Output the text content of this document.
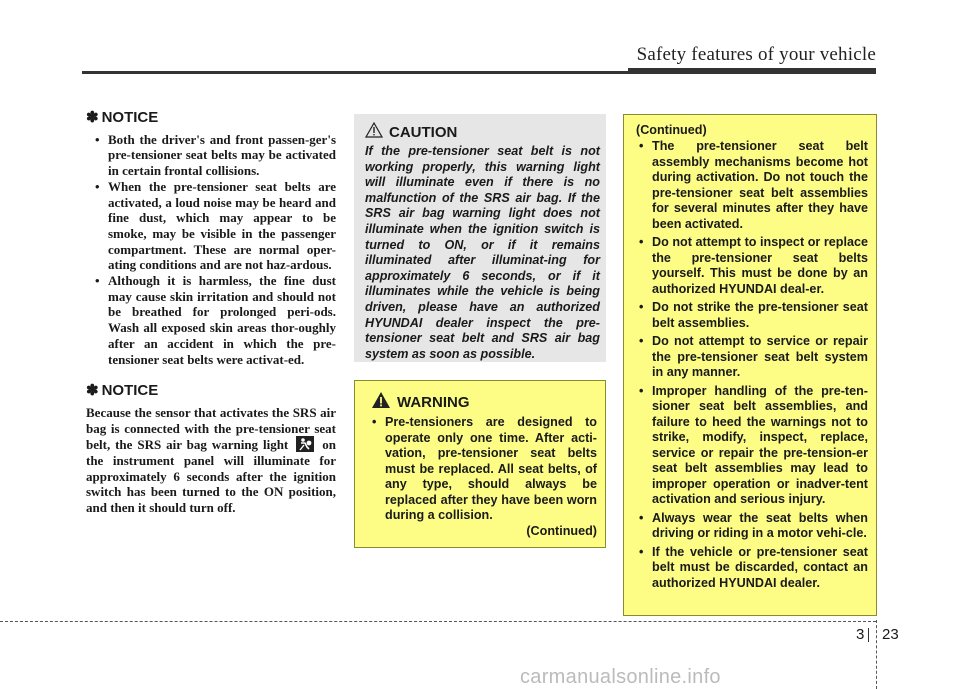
Safety features of your vehicle
✽ NOTICE
• Both the driver's and front passen-ger's pre-tensioner seat belts may be activated in certain frontal collisions.
• When the pre-tensioner seat belts are activated, a loud noise may be heard and fine dust, which may appear to be smoke, may be visible in the passenger compartment. These are normal oper-ating conditions and are not haz-ardous.
• Although it is harmless, the fine dust may cause skin irritation and should not be breathed for prolonged peri-ods. Wash all exposed skin areas thor-oughly after an accident in which the pre-tensioner seat belts were activat-ed.
✽ NOTICE
Because the sensor that activates the SRS air bag is connected with the pre-tensioner seat belt, the SRS air bag warning light	on the instrument panel will illuminate for approximately 6 seconds after the ignition switch has been turned to the ON position, and then it should turn off.
CAUTION
If the pre-tensioner seat belt is not working properly, this warning light will illuminate even if there is no malfunction of the SRS air bag. If the SRS air bag warning light does not illuminate when the ignition switch is turned to ON, or if it remains illuminated after illuminat-ing for approximately 6 seconds, or if it illuminates while the vehicle is being driven, please have an authorized HYUNDAI dealer inspect the pre-tensioner seat belt and SRS air bag system as soon as possible.
WARNING
• Pre-tensioners are designed to operate only one time. After acti-vation, pre-tensioner seat belts must be replaced. All seat belts, of any type, should always be replaced after they have been worn during a collision.
(Continued)
(Continued)
• The pre-tensioner seat belt assembly mechanisms become hot during activation. Do not touch the pre-tensioner seat belt assemblies for several minutes after they have been activated.
• Do not attempt to inspect or replace the pre-tensioner seat belts yourself. This must be done by an authorized HYUNDAI deal-er.
• Do not strike the pre-tensioner seat belt assemblies.
• Do not attempt to service or repair the pre-tensioner seat belt system in any manner.
• Improper handling of the pre-ten-sioner seat belt assemblies, and failure to heed the warnings not to strike, modify, inspect, replace, service or repair the pre-tension-er seat belt assemblies may lead to improper operation or inadver-tent activation and serious injury.
• Always wear the seat belts when driving or riding in a motor vehi-cle.
• If the vehicle or pre-tensioner seat belt must be discarded, contact an authorized HYUNDAI dealer.
3 23
carmanualsonline.info
